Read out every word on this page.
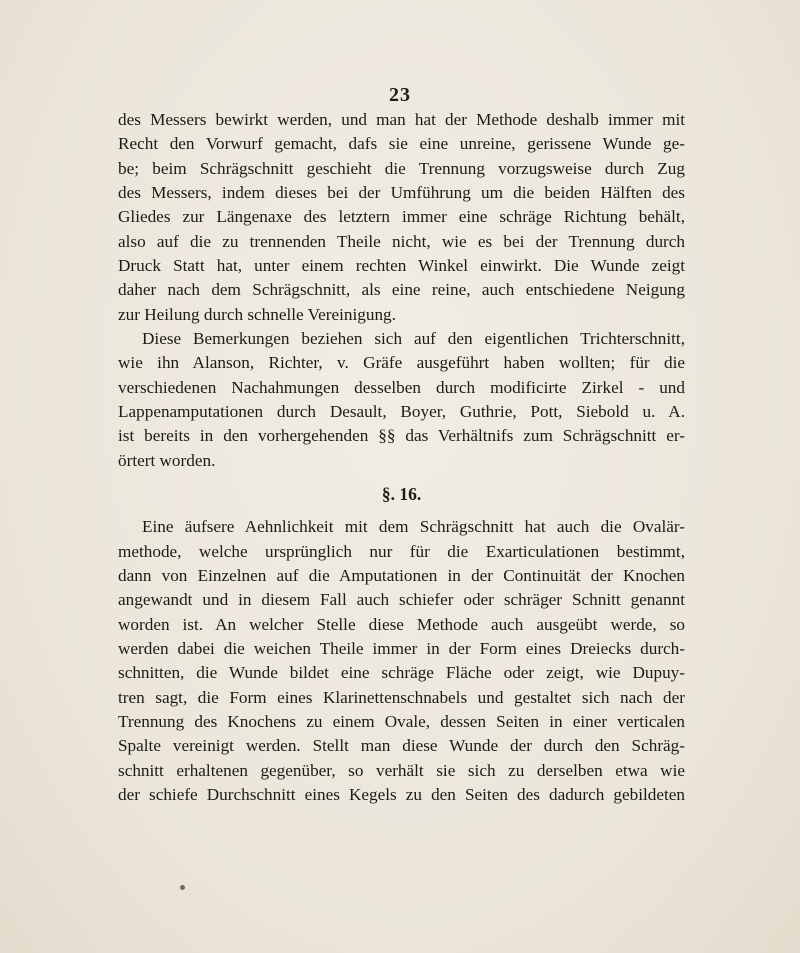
23
des Messers bewirkt werden, und man hat der Methode deshalb immer mit
Recht den Vorwurf gemacht, dafs sie eine unreine, gerissene Wunde ge-
be; beim Schrägschnitt geschieht die Trennung vorzugsweise durch Zug
des Messers, indem dieses bei der Umführung um die beiden Hälften des
Gliedes zur Längenaxe des letztern immer eine schräge Richtung behält,
also auf die zu trennenden Theile nicht, wie es bei der Trennung durch
Druck Statt hat, unter einem rechten Winkel einwirkt. Die Wunde zeigt
daher nach dem Schrägschnitt, als eine reine, auch entschiedene Neigung
zur Heilung durch schnelle Vereinigung.
Diese Bemerkungen beziehen sich auf den eigentlichen Trichterschnitt,
wie ihn Alanson, Richter, v. Gräfe ausgeführt haben wollten; für die
verschiedenen Nachahmungen desselben durch modificirte Zirkel - und
Lappenamputationen durch Desault, Boyer, Guthrie, Pott, Siebold u. A.
ist bereits in den vorhergehenden §§ das Verhältnifs zum Schrägschnitt er-
örtert worden.
§. 16.
Eine äufsere Aehnlichkeit mit dem Schrägschnitt hat auch die Ovalär-
methode, welche ursprünglich nur für die Exarticulationen bestimmt,
dann von Einzelnen auf die Amputationen in der Continuität der Knochen
angewandt und in diesem Fall auch schiefer oder schräger Schnitt genannt
worden ist. An welcher Stelle diese Methode auch ausgeübt werde, so
werden dabei die weichen Theile immer in der Form eines Dreiecks durch-
schnitten, die Wunde bildet eine schräge Fläche oder zeigt, wie Dupuy-
tren sagt, die Form eines Klarinettenschnabels und gestaltet sich nach der
Trennung des Knochens zu einem Ovale, dessen Seiten in einer verticalen
Spalte vereinigt werden. Stellt man diese Wunde der durch den Schräg-
schnitt erhaltenen gegenüber, so verhält sie sich zu derselben etwa wie
der schiefe Durchschnitt eines Kegels zu den Seiten des dadurch gebildeten
